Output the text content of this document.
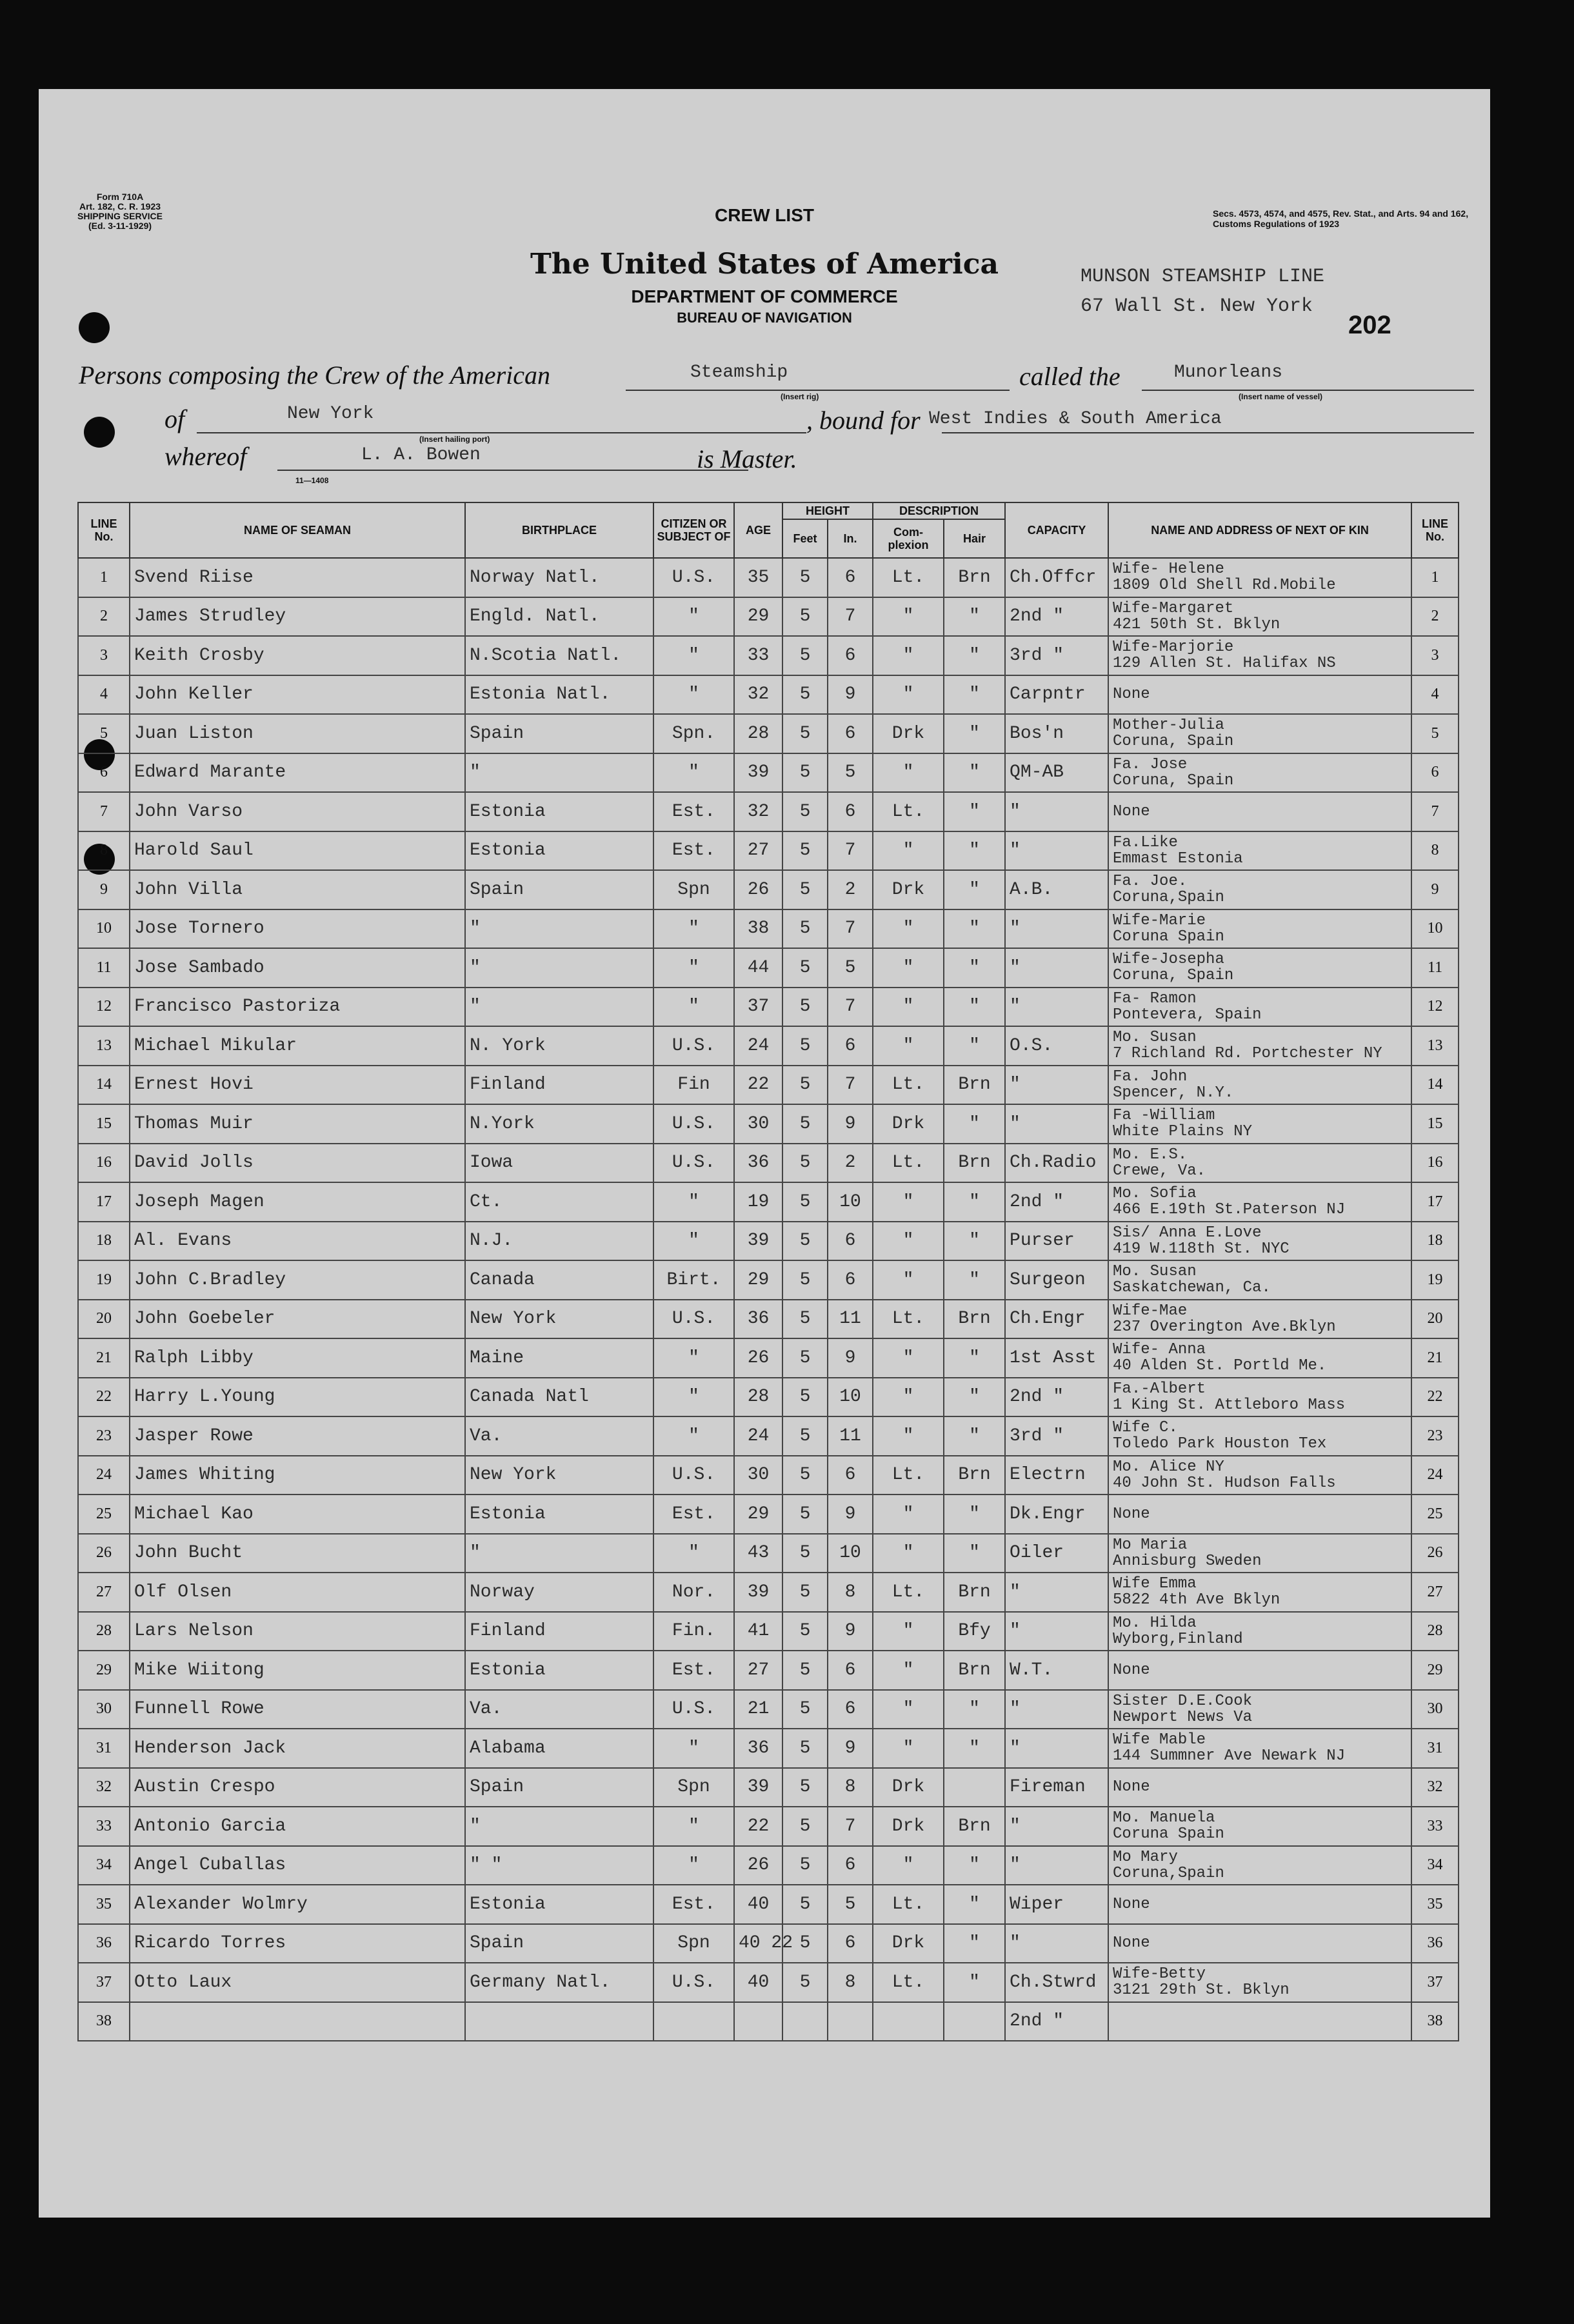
Form 710A
Art. 182, C. R. 1923
SHIPPING SERVICE
(Ed. 3-11-1929)
CREW LIST	Secs. 4573, 4574, and 4575, Rev. Stat., and Arts. 94 and 162, Customs Regulations of 1923
The United States of America
DEPARTMENT OF COMMERCE
BUREAU OF NAVIGATION
MUNSON STEAMSHIP LINE
67 Wall St. New York
202
Persons composing the Crew of the American	Steamship
(Insert rig)
called the	Munorleans
(Insert name of vessel)
of	New York
(Insert hailing port)
, bound for West Indies & South America
whereof	L. A. Bowen	is Master.
11—1408
LINE No.	NAME OF SEAMAN	BIRTHPLACE	CITIZEN OR SUBJECT OF	AGE	HEIGHT		DESCRIPTION		CAPACITY	NAME AND ADDRESS OF NEXT OF KIN	LINE No.
					Feet	In.	Com-plexion	Hair			
1	Svend Riise	Norway Natl.	U.S.	35	5	6	Lt.	Brn	Ch.Offcr	Wife- Helene
1809 Old Shell Rd.Mobile	1
2	James Strudley	Engld. Natl.	"	29	5	7	"	"	2nd "	Wife-Margaret
421 50th St. Bklyn	2
3	Keith Crosby	N.Scotia Natl.	"	33	5	6	"	"	3rd "	Wife-Marjorie
129 Allen St. Halifax NS	3
4	John Keller	Estonia Natl.	"	32	5	9	"	"	Carpntr	None	4
5	Juan Liston	Spain	Spn.	28	5	6	Drk	"	Bos'n	Mother-Julia
Coruna, Spain	5
6	Edward Marante	"	"	39	5	5	"	"	QM-AB	Fa. Jose
Coruna, Spain	6
7	John Varso	Estonia	Est.	32	5	6	Lt.	"	"	None	7
8	Harold Saul	Estonia	Est.	27	5	7	"	"	"	Fa.Like
Emmast Estonia	8
9	John Villa	Spain	Spn	26	5	2	Drk	"	A.B.	Fa. Joe.
Coruna,Spain	9
10	Jose Tornero	"	"	38	5	7	"	"	"	Wife-Marie
Coruna Spain	10
11	Jose Sambado	"	"	44	5	5	"	"	"	Wife-Josepha
Coruna, Spain	11
12	Francisco Pastoriza	"	"	37	5	7	"	"	"	Fa- Ramon
Pontevera, Spain	12
13	Michael Mikular	N. York	U.S.	24	5	6	"	"	O.S.	Mo. Susan
7 Richland Rd. Portchester NY	13
14	Ernest Hovi	Finland	Fin	22	5	7	Lt.	Brn	"	Fa. John
Spencer, N.Y.	14
15	Thomas Muir	N.York	U.S.	30	5	9	Drk	"	"	Fa -William
White Plains NY	15
16	David Jolls	Iowa	U.S.	36	5	2	Lt.	Brn	Ch.Radio	Mo. E.S.
Crewe, Va.	16
17	Joseph Magen	Ct.	"	19	5	10	"	"	2nd "	Mo. Sofia
466 E.19th St.Paterson NJ	17
18	Al. Evans	N.J.	"	39	5	6	"	"	Purser	Sis/ Anna E.Love
419 W.118th St. NYC	18
19	John C.Bradley	Canada	Birt.	29	5	6	"	"	Surgeon	Mo. Susan
Saskatchewan, Ca.	19
20	John Goebeler	New York	U.S.	36	5	11	Lt.	Brn	Ch.Engr	Wife-Mae
237 Overington Ave.Bklyn	20
21	Ralph Libby	Maine	"	26	5	9	"	"	1st Asst	Wife- Anna
40 Alden St. Portld Me.	21
22	Harry L.Young	Canada Natl	"	28	5	10	"	"	2nd "	Fa.-Albert
1 King St. Attleboro Mass	22
23	Jasper Rowe	Va.	"	24	5	11	"	"	3rd "	Wife C.
Toledo Park Houston Tex	23
24	James Whiting	New York	U.S.	30	5	6	Lt.	Brn	Electrn	Mo. Alice NY
40 John St. Hudson Falls	24
25	Michael Kao	Estonia	Est.	29	5	9	"	"	Dk.Engr	None	25
26	John Bucht	"	"	43	5	10	"	"	Oiler	Mo Maria
Annisburg Sweden	26
27	Olf Olsen	Norway	Nor.	39	5	8	Lt.	Brn	"	Wife Emma
5822 4th Ave Bklyn	27
28	Lars Nelson	Finland	Fin.	41	5	9	"	Bfy	"	Mo. Hilda
Wyborg,Finland	28
29	Mike Wiitong	Estonia	Est.	27	5	6	"	Brn	W.T.	None	29
30	Funnell Rowe	Va.	U.S.	21	5	6	"	"	"	Sister D.E.Cook
Newport News Va	30
31	Henderson Jack	Alabama	"	36	5	9	"	"	"	Wife Mable
144 Summner Ave Newark NJ	31
32	Austin Crespo	Spain	Spn	39	5	8	Drk		Fireman	None	32
33	Antonio Garcia	"	"	22	5	7	Drk	Brn	"	Mo. Manuela
Coruna Spain	33
34	Angel Cuballas	" "	"	26	5	6	"	"	"	Mo Mary
Coruna,Spain	34
35	Alexander Wolmry	Estonia	Est.	40	5	5	Lt.	"	Wiper	None	35
36	Ricardo Torres	Spain	Spn	40 22	5	6	Drk	"	"	None	36
37	Otto Laux	Germany Natl.	U.S.	40	5	8	Lt.	"	Ch.Stwrd	Wife-Betty
3121 29th St. Bklyn	37
38									2nd "		38
